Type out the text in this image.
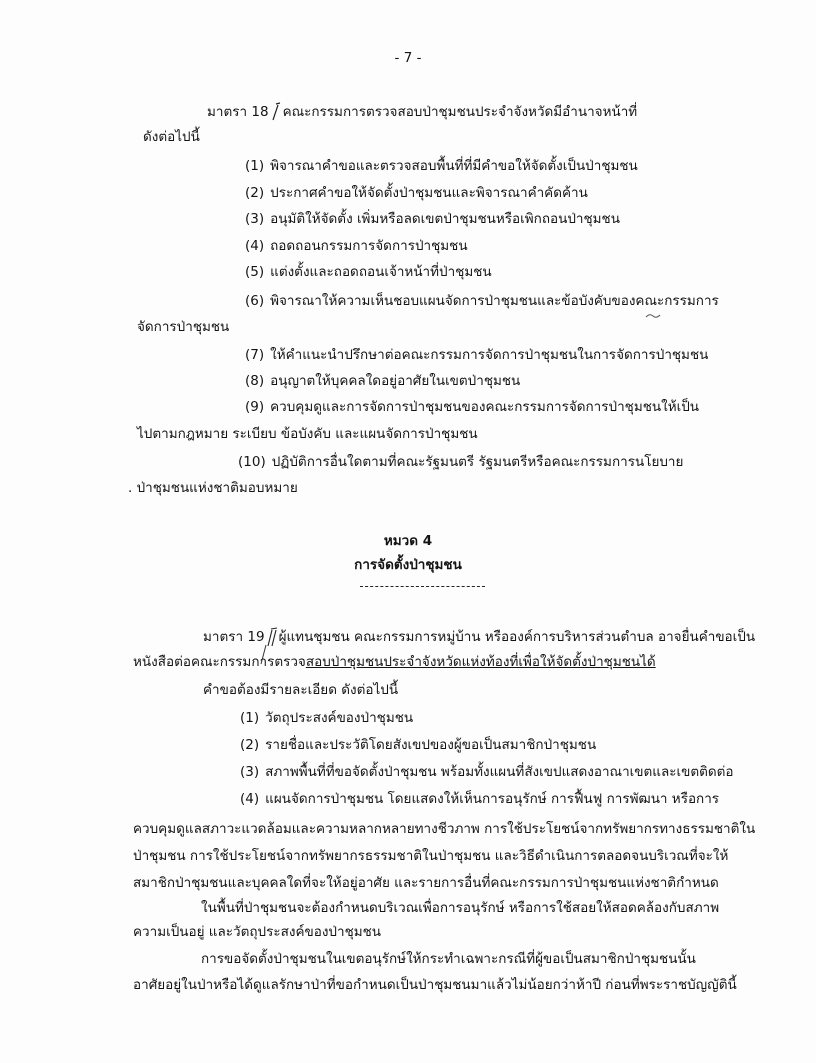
- 7 -
มาตรา 18 คณะกรรมการตรวจสอบป่าชุมชนประจำจังหวัดมีอำนาจหน้าที่
ดังต่อไปนี้
(1) พิจารณาคำขอและตรวจสอบพื้นที่ที่มีคำขอให้จัดตั้งเป็นป่าชุมชน
(2) ประกาศคำขอให้จัดตั้งป่าชุมชนและพิจารณาคำคัดค้าน
(3) อนุมัติให้จัดตั้ง เพิ่มหรือลดเขตป่าชุมชนหรือเพิกถอนป่าชุมชน
(4) ถอดถอนกรรมการจัดการป่าชุมชน
(5) แต่งตั้งและถอดถอนเจ้าหน้าที่ป่าชุมชน
(6) พิจารณาให้ความเห็นชอบแผนจัดการป่าชุมชนและข้อบังคับของคณะกรรมการ
จัดการป่าชุมชน
(7) ให้คำแนะนำปรึกษาต่อคณะกรรมการจัดการป่าชุมชนในการจัดการป่าชุมชน
(8) อนุญาตให้บุคคลใดอยู่อาศัยในเขตป่าชุมชน
(9) ควบคุมดูและการจัดการป่าชุมชนของคณะกรรมการจัดการป่าชุมชนให้เป็น
ไปตามกฎหมาย ระเบียบ ข้อบังคับ และแผนจัดการป่าชุมชน
(10) ปฏิบัติการอื่นใดตามที่คณะรัฐมนตรี รัฐมนตรีหรือคณะกรรมการนโยบาย
. ป่าชุมชนแห่งชาติมอบหมาย
หมวด 4
การจัดตั้งป่าชุมชน
มาตรา 19 ผู้แทนชุมชน คณะกรรมการหมู่บ้าน หรือองค์การบริหารส่วนตำบล อาจยื่นคำขอเป็น
หนังสือต่อคณะกรรมการตรวจสอบป่าชุมชนประจำจังหวัดแห่งท้องที่เพื่อให้จัดตั้งป่าชุมชนได้
คำขอต้องมีรายละเอียด ดังต่อไปนี้
(1) วัตถุประสงค์ของป่าชุมชน
(2) รายชื่อและประวัติโดยสังเขปของผู้ขอเป็นสมาชิกป่าชุมชน
(3) สภาพพื้นที่ที่ขอจัดตั้งป่าชุมชน พร้อมทั้งแผนที่สังเขปแสดงอาณาเขตและเขตติดต่อ
(4) แผนจัดการป่าชุมชน โดยแสดงให้เห็นการอนุรักษ์ การฟื้นฟู การพัฒนา หรือการ
ควบคุมดูแลสภาวะแวดล้อมและความหลากหลายทางชีวภาพ การใช้ประโยชน์จากทรัพยากรทางธรรมชาติใน
ป่าชุมชน การใช้ประโยชน์จากทรัพยากรธรรมชาติในป่าชุมชน และวิธีดำเนินการตลอดจนบริเวณที่จะให้
สมาชิกป่าชุมชนและบุคคลใดที่จะให้อยู่อาศัย และรายการอื่นที่คณะกรรมการป่าชุมชนแห่งชาติกำหนด
ในพื้นที่ป่าชุมชนจะต้องกำหนดบริเวณเพื่อการอนุรักษ์ หรือการใช้สอยให้สอดคล้องกับสภาพ
ความเป็นอยู่ และวัตถุประสงค์ของป่าชุมชน
การขอจัดตั้งป่าชุมชนในเขตอนุรักษ์ให้กระทำเฉพาะกรณีที่ผู้ขอเป็นสมาชิกป่าชุมชนนั้น
อาศัยอยู่ในป่าหรือได้ดูแลรักษาป่าที่ขอกำหนดเป็นป่าชุมชนมาแล้วไม่น้อยกว่าห้าปี ก่อนที่พระราชบัญญัตินี้
